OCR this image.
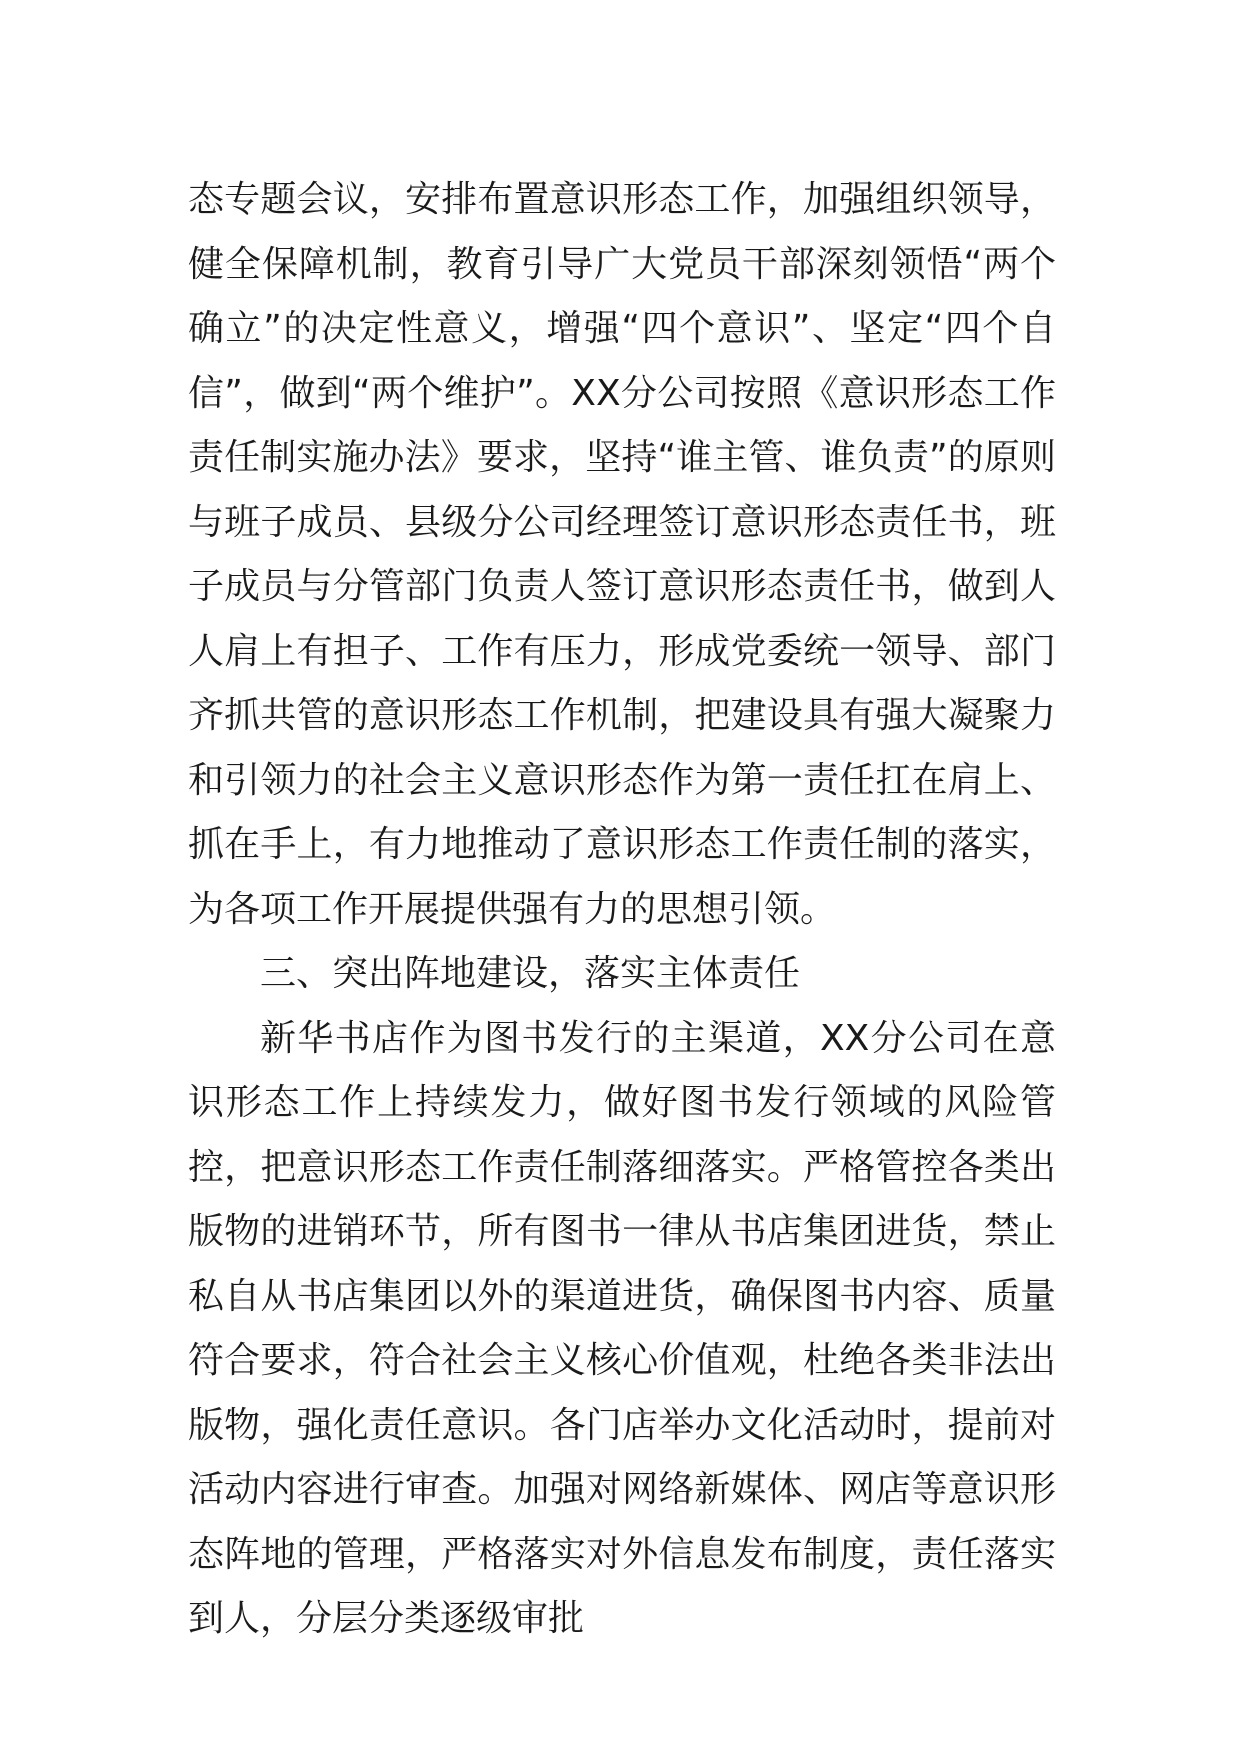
态专题会议，安排布置意识形态工作，加强组织领导，健全保障机制，教育引导广大党员干部深刻领悟“两个确立”的决定性意义，增强“四个意识”、坚定“四个自信”，做到“两个维护”。XX分公司按照《意识形态工作责任制实施办法》要求，坚持“谁主管、谁负责”的原则与班子成员、县级分公司经理签订意识形态责任书，班子成员与分管部门负责人签订意识形态责任书，做到人人肩上有担子、工作有压力，形成党委统一领导、部门齐抓共管的意识形态工作机制，把建设具有强大凝聚力和引领力的社会主义意识形态作为第一责任扛在肩上、抓在手上，有力地推动了意识形态工作责任制的落实，为各项工作开展提供强有力的思想引领。

三、突出阵地建设，落实主体责任

新华书店作为图书发行的主渠道，XX分公司在意识形态工作上持续发力，做好图书发行领域的风险管控，把意识形态工作责任制落细落实。严格管控各类出版物的进销环节，所有图书一律从书店集团进货，禁止私自从书店集团以外的渠道进货，确保图书内容、质量符合要求，符合社会主义核心价值观，杜绝各类非法出版物，强化责任意识。各门店举办文化活动时，提前对活动内容进行审查。加强对网络新媒体、网店等意识形态阵地的管理，严格落实对外信息发布制度，责任落实到人，分层分类逐级审批
